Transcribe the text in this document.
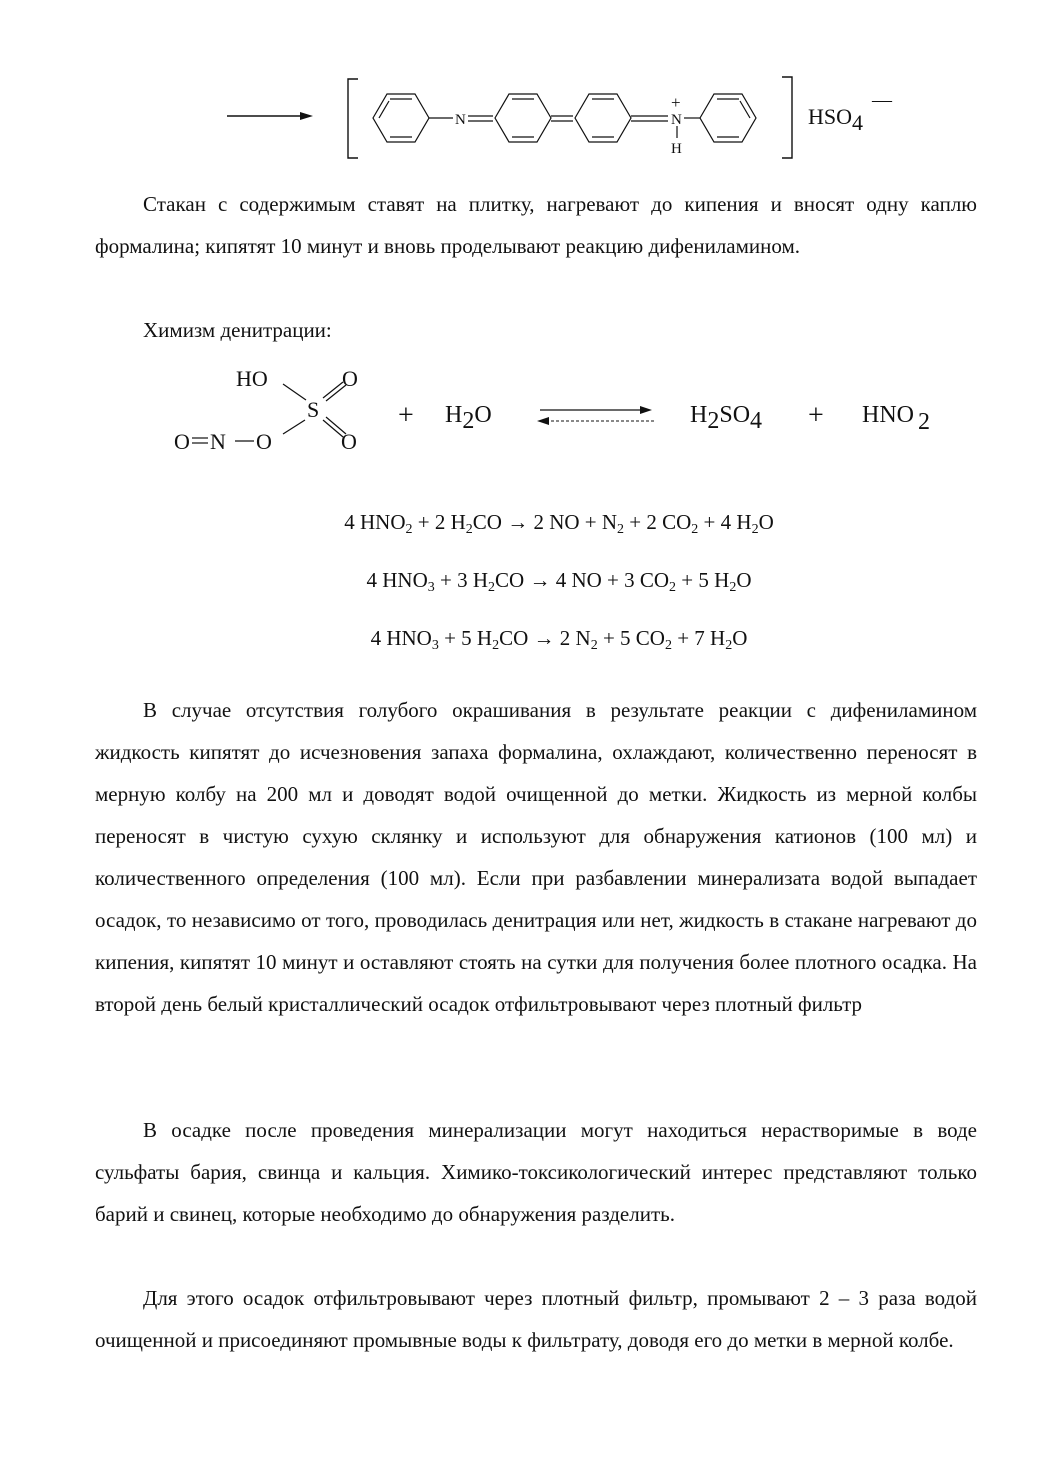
N
+
N
H
HSO4
—

Стакан с содержимым ставят на плитку, нагревают до кипения и вносят одну каплю формалина; кипятят 10 минут и вновь проделывают реакцию дифениламином.

Химизм денитрации:

HO	O
S
O
O N O
+ H2O	H2SO4 + HNO 2

4 $HNO_2 + 2$ $H_2CO \to 2$ NO + $N_2 + 2$ $CO_2 + 4$ $H_2O$

4 $HNO_3 + 3$ $H_2CO \to 4$ NO + 3 $CO_2 + 5$ $H_2O$

4 $HNO_3 + 5$ $H_2CO \to 2$ $N_2 + 5$ $CO_2 + 7$ $H_2O$

В случае отсутствия голубого окрашивания в результате реакции с дифениламином жидкость кипятят до исчезновения запаха формалина, охлаждают, количественно переносят в мерную колбу на 200 мл и доводят водой очищенной до метки. Жидкость из мерной колбы переносят в чистую сухую склянку и используют для обнаружения катионов (100 мл) и количественного определения (100 мл). Если при разбавлении минерализата водой выпадает осадок, то независимо от того, проводилась денитрация или нет, жидкость в стакане нагревают до кипения, кипятят 10 минут и оставляют стоять на сутки для получения более плотного осадка. На второй день белый кристаллический осадок отфильтровывают через плотный фильтр

В осадке после проведения минерализации могут находиться нерастворимые в воде сульфаты бария, свинца и кальция. Химико-токсикологический интерес представляют только барий и свинец, которые необходимо до обнаружения разделить.

Для этого осадок отфильтровывают через плотный фильтр, промывают 2 – 3 раза водой очищенной и присоединяют промывные воды к фильтрату, доводя его до метки в мерной колбе.
